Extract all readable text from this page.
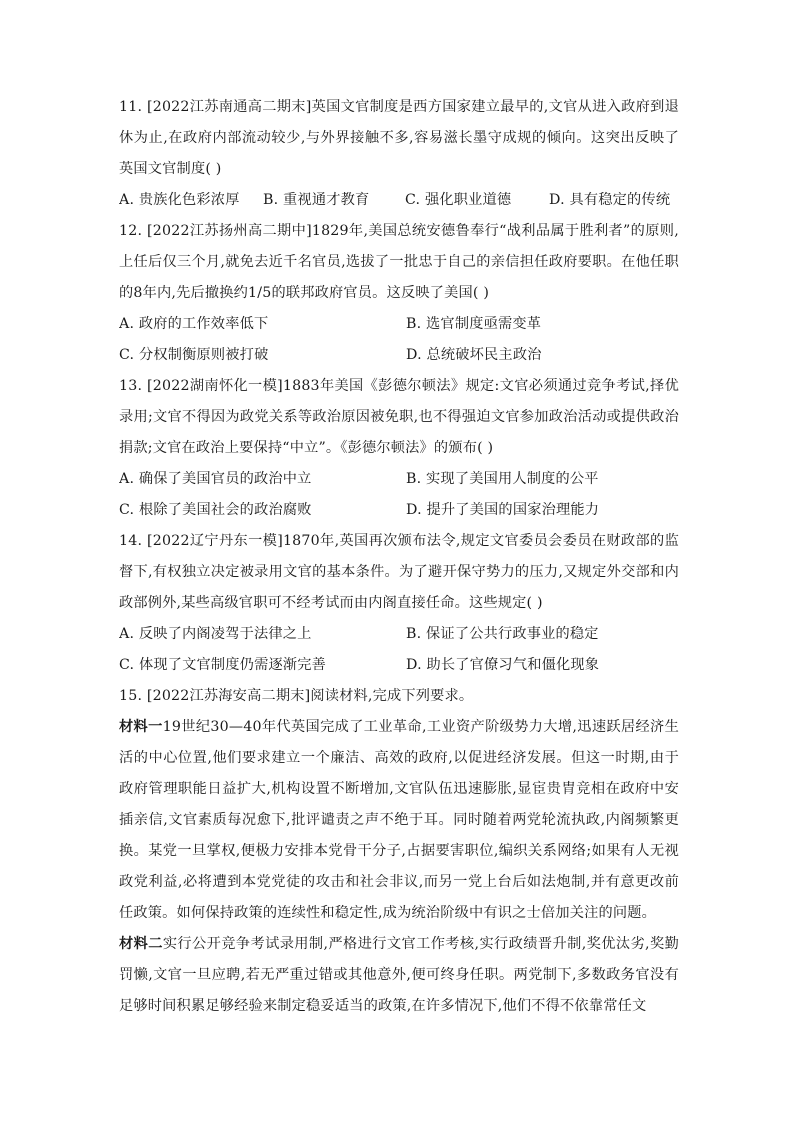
11. [2022江苏南通高二期末]英国文官制度是西方国家建立最早的,文官从进入政府到退休为止,在政府内部流动较少,与外界接触不多,容易滋长墨守成规的倾向。这突出反映了英国文官制度( )

A. 贵族化色彩浓厚	B. 重视通才教育	C. 强化职业道德	D. 具有稳定的传统

12. [2022江苏扬州高二期中]1829年,美国总统安德鲁奉行“战利品属于胜利者”的原则,上任后仅三个月,就免去近千名官员,选拔了一批忠于自己的亲信担任政府要职。在他任职的8年内,先后撤换约1/5的联邦政府官员。这反映了美国( )

A. 政府的工作效率低下	B. 选官制度亟需变革
C. 分权制衡原则被打破	D. 总统破坏民主政治

13. [2022湖南怀化一模]1883年美国《彭德尔顿法》规定:文官必须通过竞争考试,择优录用;文官不得因为政党关系等政治原因被免职,也不得强迫文官参加政治活动或提供政治捐款;文官在政治上要保持“中立”。《彭德尔顿法》的颁布( )

A. 确保了美国官员的政治中立	B. 实现了美国用人制度的公平
C. 根除了美国社会的政治腐败	D. 提升了美国的国家治理能力

14. [2022辽宁丹东一模]1870年,英国再次颁布法令,规定文官委员会委员在财政部的监督下,有权独立决定被录用文官的基本条件。为了避开保守势力的压力,又规定外交部和内政部例外,某些高级官职可不经考试而由内阁直接任命。这些规定( )

A. 反映了内阁凌驾于法律之上	B. 保证了公共行政事业的稳定
C. 体现了文官制度仍需逐渐完善	D. 助长了官僚习气和僵化现象

15. [2022江苏海安高二期末]阅读材料,完成下列要求。

材料一19世纪30—40年代英国完成了工业革命,工业资产阶级势力大增,迅速跃居经济生活的中心位置,他们要求建立一个廉洁、高效的政府,以促进经济发展。但这一时期,由于政府管理职能日益扩大,机构设置不断增加,文官队伍迅速膨胀,显宦贵胄竞相在政府中安插亲信,文官素质每况愈下,批评谴责之声不绝于耳。同时随着两党轮流执政,内阁频繁更换。某党一旦掌权,便极力安排本党骨干分子,占据要害职位,编织关系网络;如果有人无视政党利益,必将遭到本党党徒的攻击和社会非议,而另一党上台后如法炮制,并有意更改前任政策。如何保持政策的连续性和稳定性,成为统治阶级中有识之士倍加关注的问题。

材料二实行公开竞争考试录用制,严格进行文官工作考核,实行政绩晋升制,奖优汰劣,奖勤罚懒,文官一旦应聘,若无严重过错或其他意外,便可终身任职。两党制下,多数政务官没有足够时间积累足够经验来制定稳妥适当的政策,在许多情况下,他们不得不依靠常任文
